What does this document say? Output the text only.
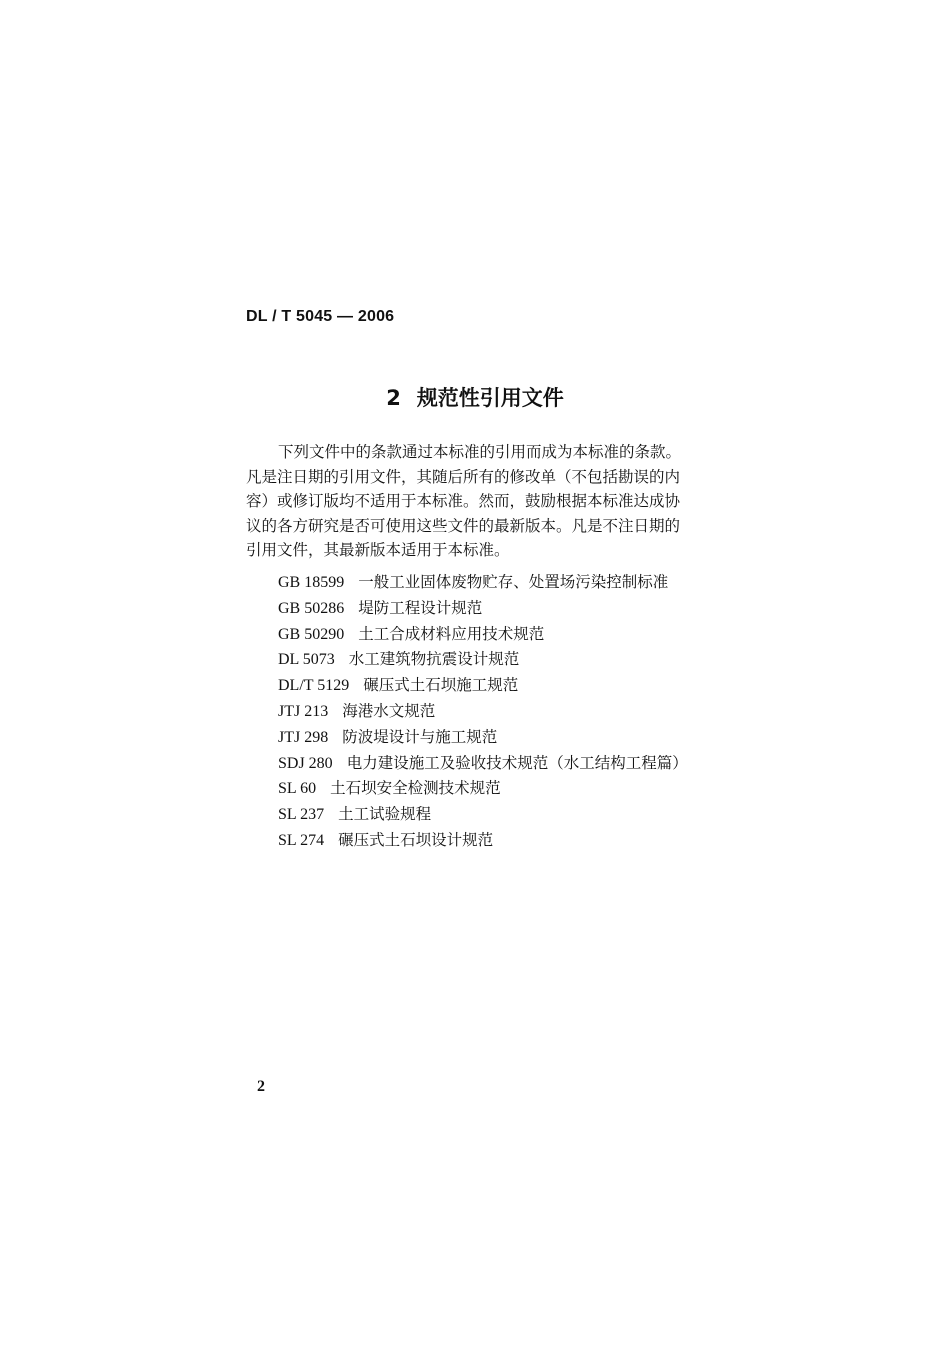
DL / T 5045 — 2006
2 规范性引用文件
下列文件中的条款通过本标准的引用而成为本标准的条款。
凡是注日期的引用文件，其随后所有的修改单（不包括勘误的内
容）或修订版均不适用于本标准。然而，鼓励根据本标准达成协
议的各方研究是否可使用这些文件的最新版本。凡是不注日期的
引用文件，其最新版本适用于本标准。
GB 18599 一般工业固体废物贮存、处置场污染控制标准
GB 50286 堤防工程设计规范
GB 50290 土工合成材料应用技术规范
DL 5073 水工建筑物抗震设计规范
DL/T 5129 碾压式土石坝施工规范
JTJ 213 海港水文规范
JTJ 298 防波堤设计与施工规范
SDJ 280 电力建设施工及验收技术规范（水工结构工程篇）
SL 60 土石坝安全检测技术规范
SL 237 土工试验规程
SL 274 碾压式土石坝设计规范
2
